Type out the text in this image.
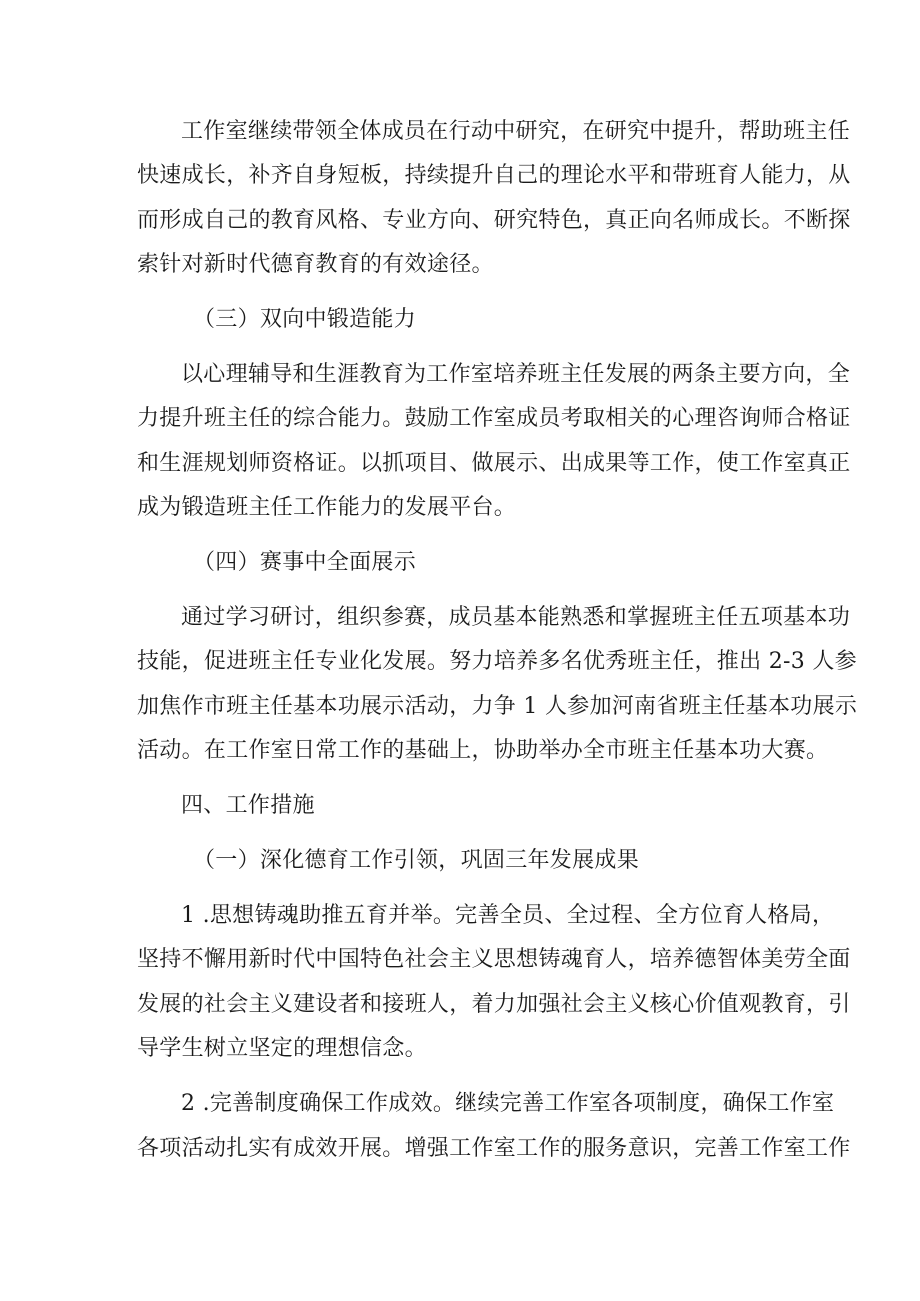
工作室继续带领全体成员在行动中研究，在研究中提升，帮助班主任
快速成长，补齐自身短板，持续提升自己的理论水平和带班育人能力，从
而形成自己的教育风格、专业方向、研究特色，真正向名师成长。不断探
索针对新时代德育教育的有效途径。

（三）双向中锻造能力

以心理辅导和生涯教育为工作室培养班主任发展的两条主要方向，全
力提升班主任的综合能力。鼓励工作室成员考取相关的心理咨询师合格证
和生涯规划师资格证。以抓项目、做展示、出成果等工作，使工作室真正
成为锻造班主任工作能力的发展平台。

（四）赛事中全面展示

通过学习研讨，组织参赛，成员基本能熟悉和掌握班主任五项基本功
技能，促进班主任专业化发展。努力培养多名优秀班主任，推出 2-3 人参
加焦作市班主任基本功展示活动，力争 1 人参加河南省班主任基本功展示
活动。在工作室日常工作的基础上，协助举办全市班主任基本功大赛。

四、工作措施

（一）深化德育工作引领，巩固三年发展成果

1 .思想铸魂助推五育并举。完善全员、全过程、全方位育人格局，
坚持不懈用新时代中国特色社会主义思想铸魂育人，培养德智体美劳全面
发展的社会主义建设者和接班人，着力加强社会主义核心价值观教育，引
导学生树立坚定的理想信念。

2 .完善制度确保工作成效。继续完善工作室各项制度，确保工作室
各项活动扎实有成效开展。增强工作室工作的服务意识，完善工作室工作
